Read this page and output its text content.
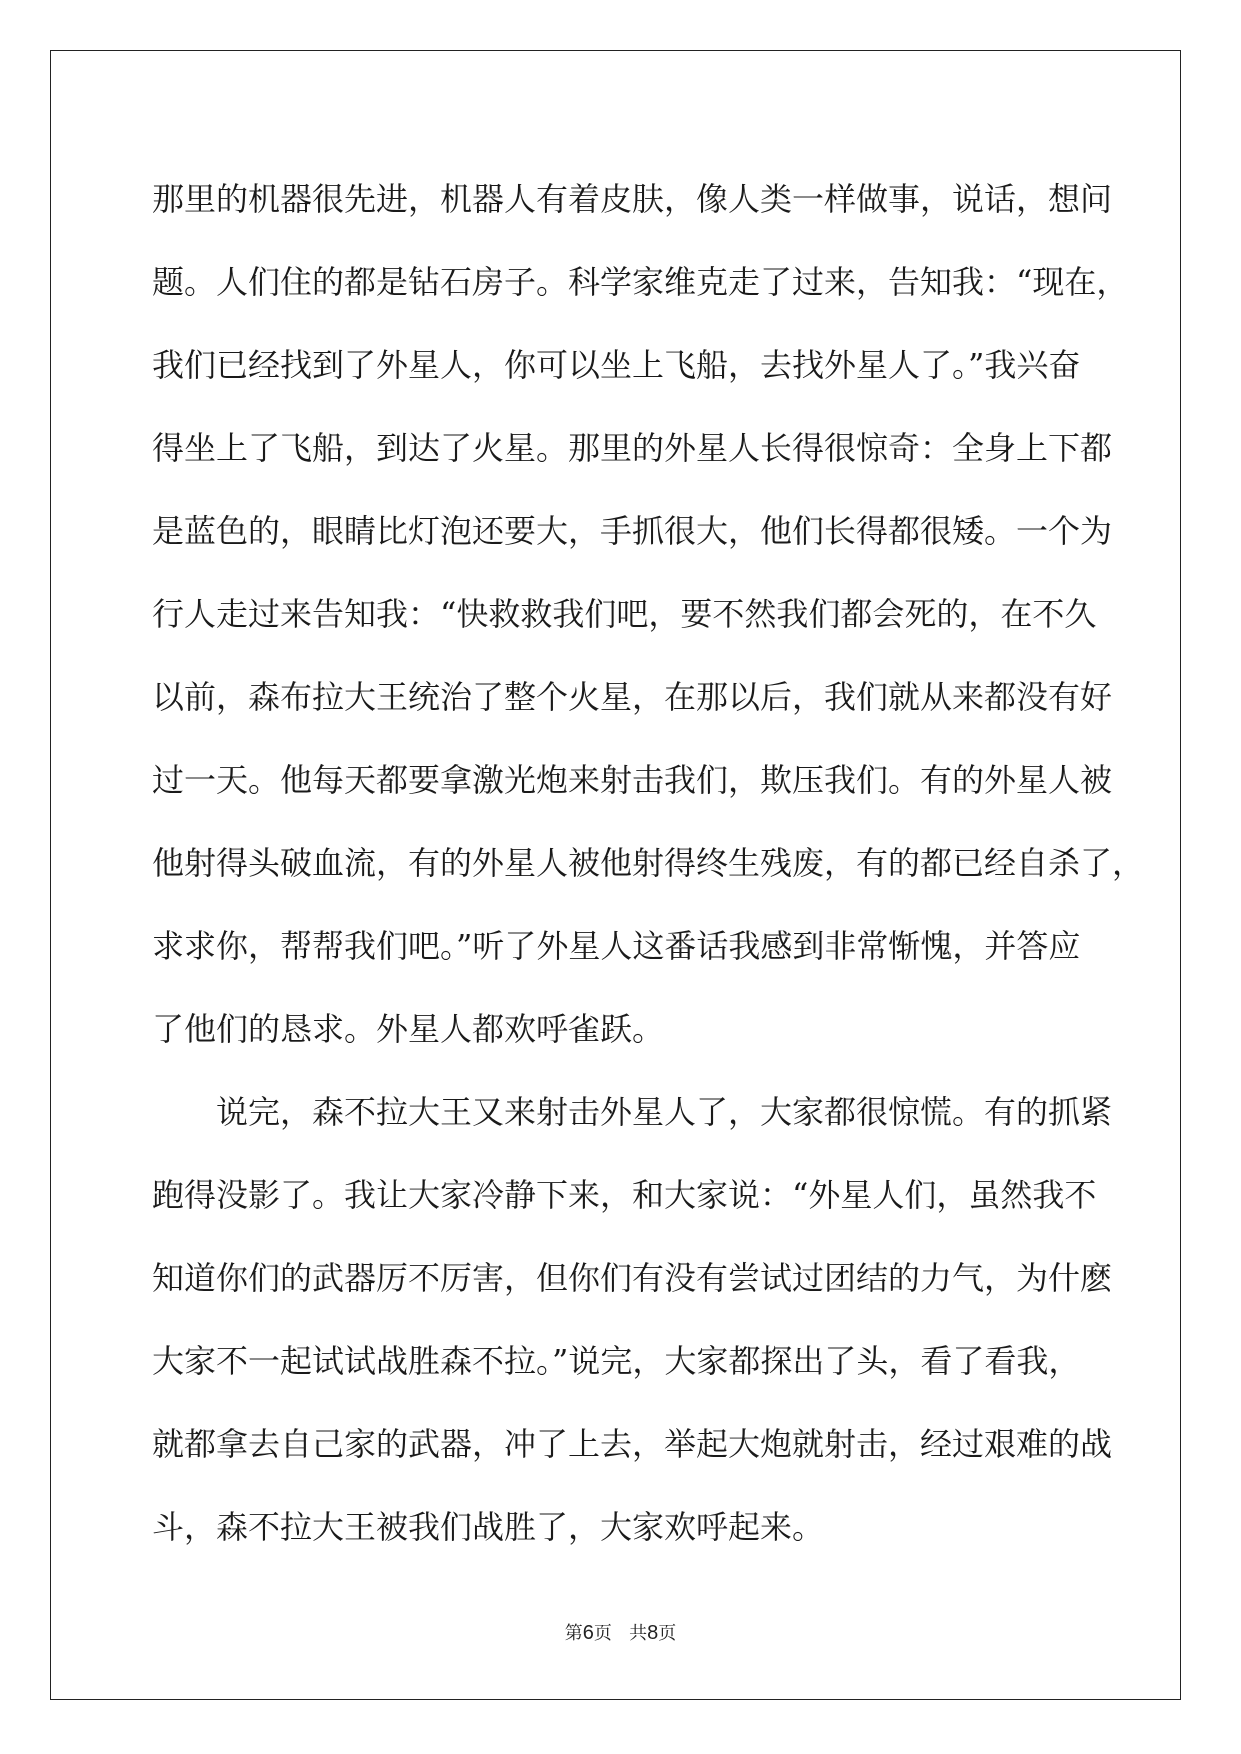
那里的机器很先进，机器人有着皮肤，像人类一样做事，说话，想问
题。人们住的都是钻石房子。科学家维克走了过来，告知我：“现在，
我们已经找到了外星人，你可以坐上飞船，去找外星人了。”我兴奋
得坐上了飞船，到达了火星。那里的外星人长得很惊奇：全身上下都
是蓝色的，眼睛比灯泡还要大，手抓很大，他们长得都很矮。一个为
行人走过来告知我：“快救救我们吧，要不然我们都会死的，在不久
以前，森布拉大王统治了整个火星，在那以后，我们就从来都没有好
过一天。他每天都要拿激光炮来射击我们，欺压我们。有的外星人被
他射得头破血流，有的外星人被他射得终生残废，有的都已经自杀了，
求求你，帮帮我们吧。”听了外星人这番话我感到非常惭愧，并答应
了他们的恳求。外星人都欢呼雀跃。
说完，森不拉大王又来射击外星人了，大家都很惊慌。有的抓紧
跑得没影了。我让大家冷静下来，和大家说：“外星人们，虽然我不
知道你们的武器厉不厉害，但你们有没有尝试过团结的力气，为什麽
大家不一起试试战胜森不拉。”说完，大家都探出了头，看了看我，
就都拿去自己家的武器，冲了上去，举起大炮就射击，经过艰难的战
斗，森不拉大王被我们战胜了，大家欢呼起来。
第6页 共8页
